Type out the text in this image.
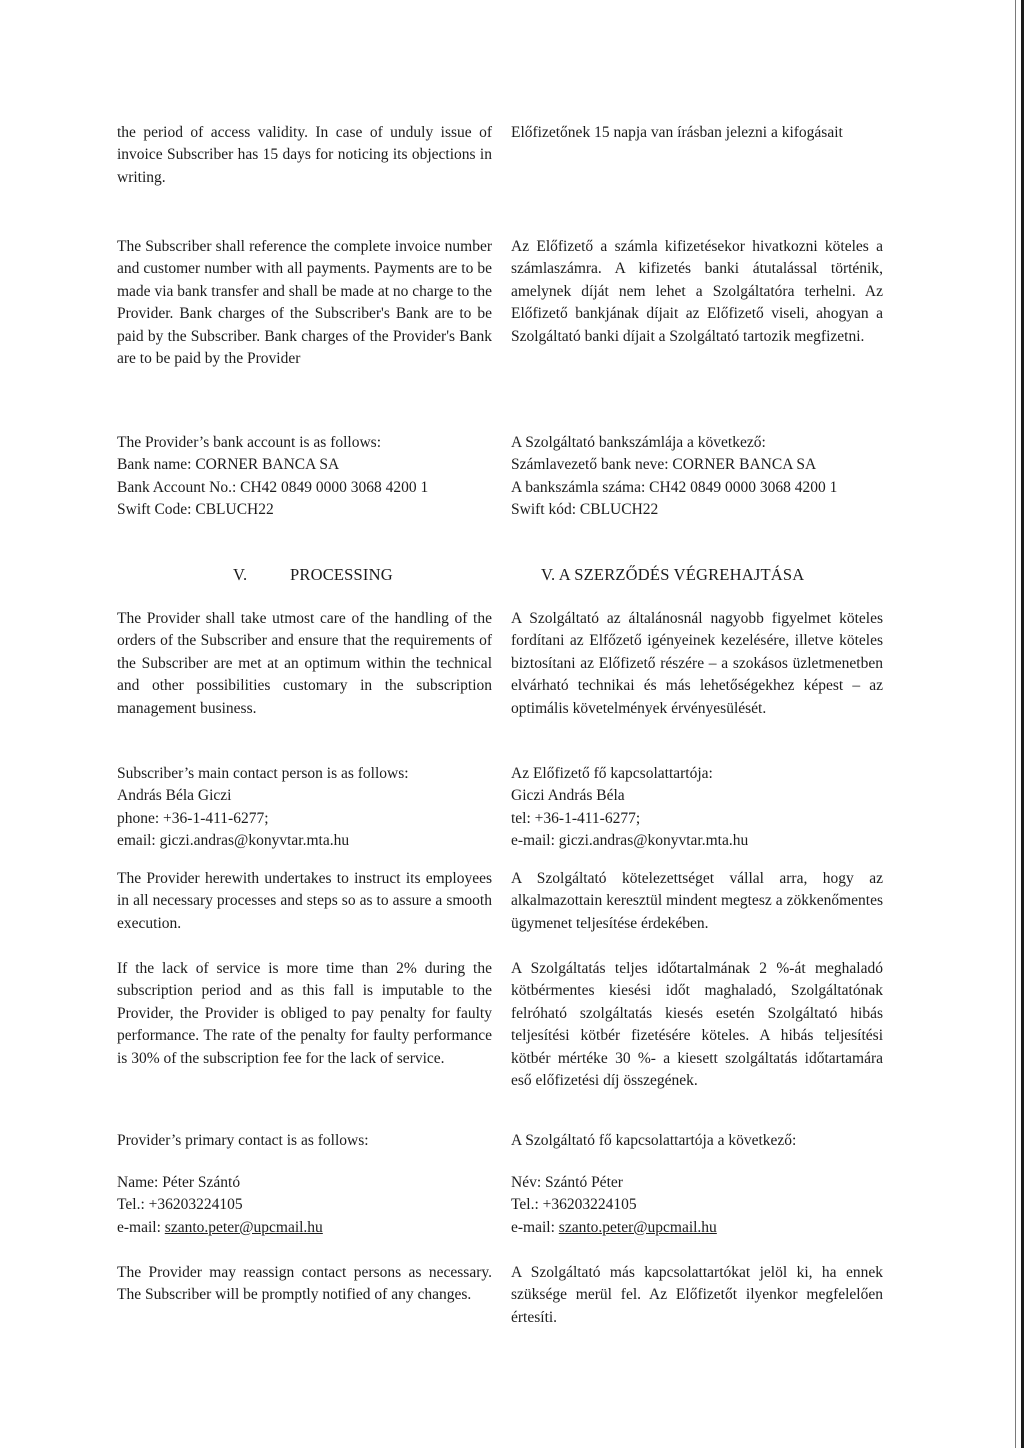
the period of access validity. In case of unduly issue of invoice Subscriber has 15 days for noticing its objections in writing.

Előfizetőnek 15 napja van írásban jelezni a kifogásait

The Subscriber shall reference the complete invoice number and customer number with all payments. Payments are to be made via bank transfer and shall be made at no charge to the Provider. Bank charges of the Subscriber's Bank are to be paid by the Subscriber. Bank charges of the Provider's Bank are to be paid by the Provider

Az Előfizető a számla kifizetésekor hivatkozni köteles a számlaszámra. A kifizetés banki átutalással történik, amelynek díját nem lehet a Szolgáltatóra terhelni. Az Előfizető bankjának díjait az Előfizető viseli, ahogyan a Szolgáltató banki díjait a Szolgáltató tartozik megfizetni.

The Provider’s bank account is as follows:
Bank name: CORNER BANCA SA
Bank Account No.: CH42 0849 0000 3068 4200 1
Swift Code: CBLUCH22
A Szolgáltató bankszámlája a következő:
Számlavezető bank neve: CORNER BANCA SA
A bankszámla száma: CH42 0849 0000 3068 4200 1
Swift kód: CBLUCH22
V.	PROCESSING	V. A SZERZŐDÉS VÉGREHAJTÁSA

The Provider shall take utmost care of the handling of the orders of the Subscriber and ensure that the requirements of the Subscriber are met at an optimum within the technical and other possibilities customary in the subscription management business.

A Szolgáltató az általánosnál nagyobb figyelmet köteles fordítani az Elfőzető igényeinek kezelésére, illetve köteles biztosítani az Előfizető részére – a szokásos üzletmenetben elvárható technikai és más lehetőségekhez képest – az optimális követelmények érvényesülését.

Subscriber’s main contact person is as follows:
András Béla Giczi
phone: +36-1-411-6277;
email: giczi.andras@konyvtar.mta.hu
Az Előfizető fő kapcsolattartója:
Giczi András Béla
tel: +36-1-411-6277;
e-mail: giczi.andras@konyvtar.mta.hu

The Provider herewith undertakes to instruct its employees in all necessary processes and steps so as to assure a smooth execution.

A Szolgáltató kötelezettséget vállal arra, hogy az alkalmazottain keresztül mindent megtesz a zökkenőmentes ügymenet teljesítése érdekében.

If the lack of service is more time than 2% during the subscription period and as this fall is imputable to the Provider, the Provider is obliged to pay penalty for faulty performance. The rate of the penalty for faulty performance is 30% of the subscription fee for the lack of service.

A Szolgáltatás teljes időtartalmának 2 %-át meghaladó kötbérmentes kiesési időt maghaladó, Szolgáltatónak felróható szolgáltatás kiesés esetén Szolgáltató hibás teljesítési kötbér fizetésére köteles. A hibás teljesítési kötbér mértéke 30 %- a kiesett szolgáltatás időtartamára eső előfizetési díj összegének.

Provider’s primary contact is as follows:	A Szolgáltató fő kapcsolattartója a következő:

Name: Péter Szántó
Tel.: +36203224105
e-mail: szanto.peter@upcmail.hu
Név: Szántó Péter
Tel.: +36203224105
e-mail: szanto.peter@upcmail.hu

The Provider may reassign contact persons as necessary. The Subscriber will be promptly notified of any changes.

A Szolgáltató más kapcsolattartókat jelöl ki, ha ennek szüksége merül fel. Az Előfizetőt ilyenkor megfelelően értesíti.
